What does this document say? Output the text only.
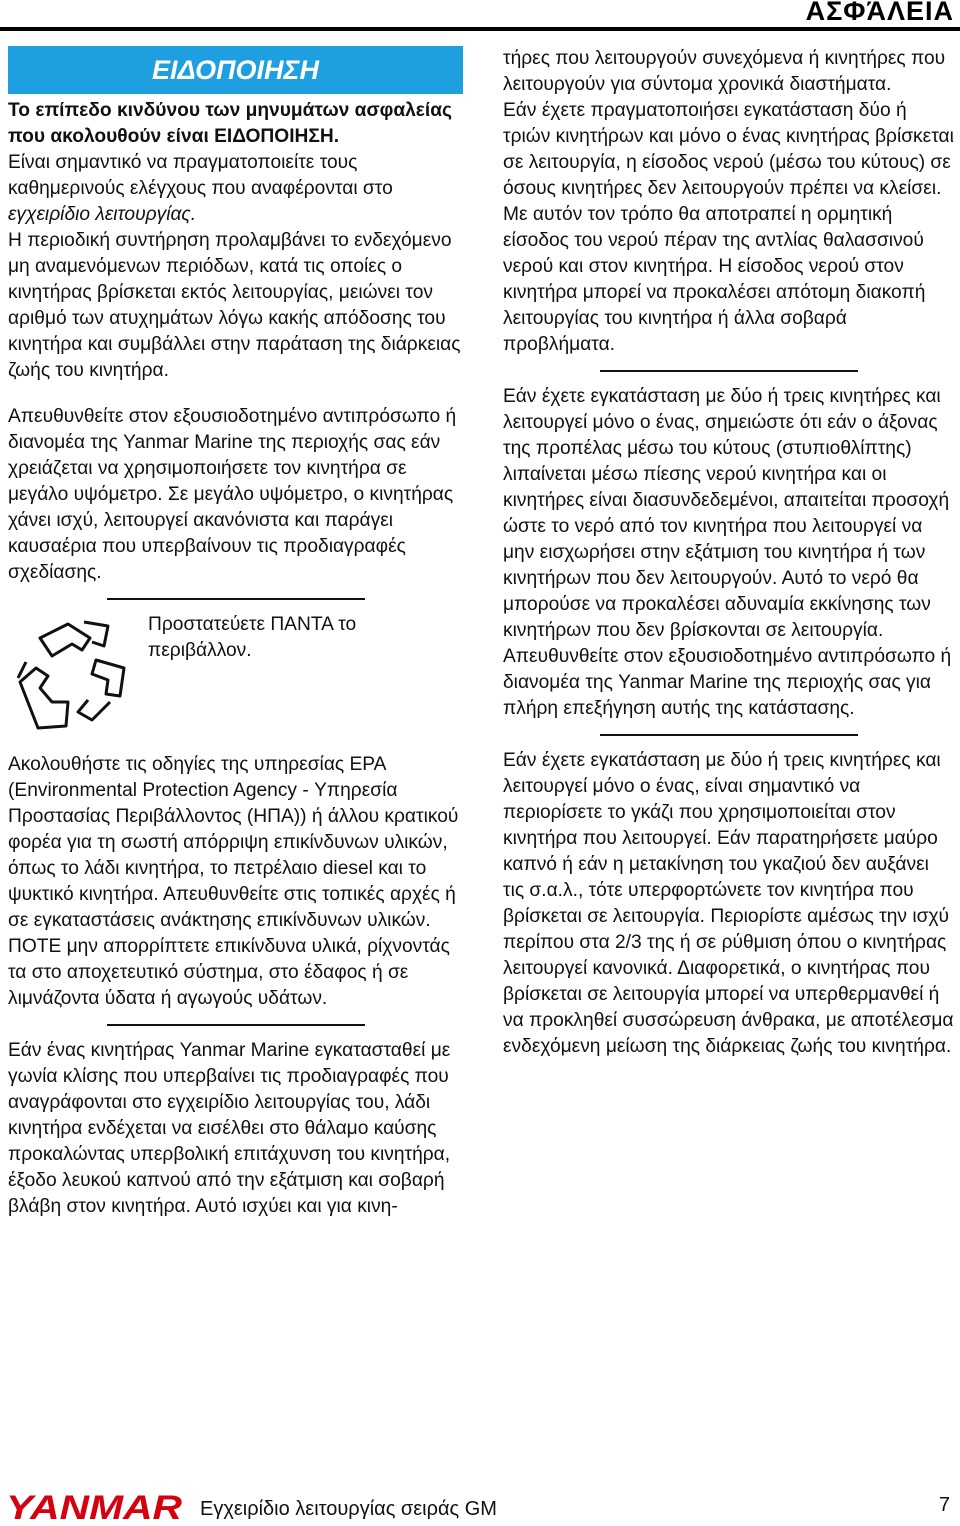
ΑΣΦΆΛΕΙΑ
ΕΙΔΟΠΟΙΗΣΗ

Το επίπεδο κινδύνου των μηνυμάτων ασφαλείας που ακολουθούν είναι ΕΙΔΟΠΟΙΗΣΗ.

Είναι σημαντικό να πραγματοποιείτε τους καθημερινούς ελέγχους που αναφέρονται στο εγχειρίδιο λειτουργίας.

Η περιοδική συντήρηση προλαμβάνει το ενδεχόμενο μη αναμενόμενων περιόδων, κατά τις οποίες ο κινητήρας βρίσκεται εκτός λειτουργίας, μειώνει τον αριθμό των ατυχημάτων λόγω κακής απόδοσης του κινητήρα και συμβάλλει στην παράταση της διάρκειας ζωής του κινητήρα.

Απευθυνθείτε στον εξουσιοδοτημένο αντιπρόσωπο ή διανομέα της Yanmar Marine της περιοχής σας εάν χρειάζεται να χρησιμοποιήσετε τον κινητήρα σε μεγάλο υψόμετρο. Σε μεγάλο υψόμετρο, ο κινητήρας χάνει ισχύ, λειτουργεί ακανόνιστα και παράγει καυσαέρια που υπερβαίνουν τις προδιαγραφές σχεδίασης.

Προστατεύετε ΠΑΝΤΑ το περιβάλλον.

Ακολουθήστε τις οδηγίες της υπηρεσίας EPA (Environmental Protection Agency - Υπηρεσία Προστασίας Περιβάλλοντος (ΗΠΑ)) ή άλλου κρατικού φορέα για τη σωστή απόρριψη επικίνδυνων υλικών, όπως το λάδι κινητήρα, το πετρέλαιο diesel και το ψυκτικό κινητήρα. Απευθυνθείτε στις τοπικές αρχές ή σε εγκαταστάσεις ανάκτησης επικίνδυνων υλικών.

ΠΟΤΕ μην απορρίπτετε επικίνδυνα υλικά, ρίχνοντάς τα στο αποχετευτικό σύστημα, στο έδαφος ή σε λιμνάζοντα ύδατα ή αγωγούς υδάτων.

Εάν ένας κινητήρας Yanmar Marine εγκατασταθεί με γωνία κλίσης που υπερβαίνει τις προδιαγραφές που αναγράφονται στο εγχειρίδιο λειτουργίας του, λάδι κινητήρα ενδέχεται να εισέλθει στο θάλαμο καύσης προκαλώντας υπερβολική επιτάχυνση του κινητήρα, έξοδο λευκού καπνού από την εξάτμιση και σοβαρή βλάβη στον κινητήρα. Αυτό ισχύει και για κινη-

τήρες που λειτουργούν συνεχόμενα ή κινητήρες που λειτουργούν για σύντομα χρονικά διαστήματα.

Εάν έχετε πραγματοποιήσει εγκατάσταση δύο ή τριών κινητήρων και μόνο ο ένας κινητήρας βρίσκεται σε λειτουργία, η είσοδος νερού (μέσω του κύτους) σε όσους κινητήρες δεν λειτουργούν πρέπει να κλείσει. Με αυτόν τον τρόπο θα αποτραπεί η ορμητική είσοδος του νερού πέραν της αντλίας θαλασσινού νερού και στον κινητήρα. Η είσοδος νερού στον κινητήρα μπορεί να προκαλέσει απότομη διακοπή λειτουργίας του κινητήρα ή άλλα σοβαρά προβλήματα.

Εάν έχετε εγκατάσταση με δύο ή τρεις κινητήρες και λειτουργεί μόνο ο ένας, σημειώστε ότι εάν ο άξονας της προπέλας μέσω του κύτους (στυπιοθλίπτης) λιπαίνεται μέσω πίεσης νερού κινητήρα και οι κινητήρες είναι διασυνδεδεμένοι, απαιτείται προσοχή ώστε το νερό από τον κινητήρα που λειτουργεί να μην εισχωρήσει στην εξάτμιση του κινητήρα ή των κινητήρων που δεν λειτουργούν. Αυτό το νερό θα μπορούσε να προκαλέσει αδυναμία εκκίνησης των κινητήρων που δεν βρίσκονται σε λειτουργία. Απευθυνθείτε στον εξουσιοδοτημένο αντιπρόσωπο ή διανομέα της Yanmar Marine της περιοχής σας για πλήρη επεξήγηση αυτής της κατάστασης.

Εάν έχετε εγκατάσταση με δύο ή τρεις κινητήρες και λειτουργεί μόνο ο ένας, είναι σημαντικό να περιορίσετε το γκάζι που χρησιμοποιείται στον κινητήρα που λειτουργεί. Εάν παρατηρήσετε μαύρο καπνό ή εάν η μετακίνηση του γκαζιού δεν αυξάνει τις σ.α.λ., τότε υπερφορτώνετε τον κινητήρα που βρίσκεται σε λειτουργία. Περιορίστε αμέσως την ισχύ περίπου στα 2/3 της ή σε ρύθμιση όπου ο κινητήρας λειτουργεί κανονικά. Διαφορετικά, ο κινητήρας που βρίσκεται σε λειτουργία μπορεί να υπερθερμανθεί ή να προκληθεί συσσώρευση άνθρακα, με αποτέλεσμα ενδεχόμενη μείωση της διάρκειας ζωής του κινητήρα.

YANMAR Εγχειρίδιο λειτουργίας σειράς GM	7
